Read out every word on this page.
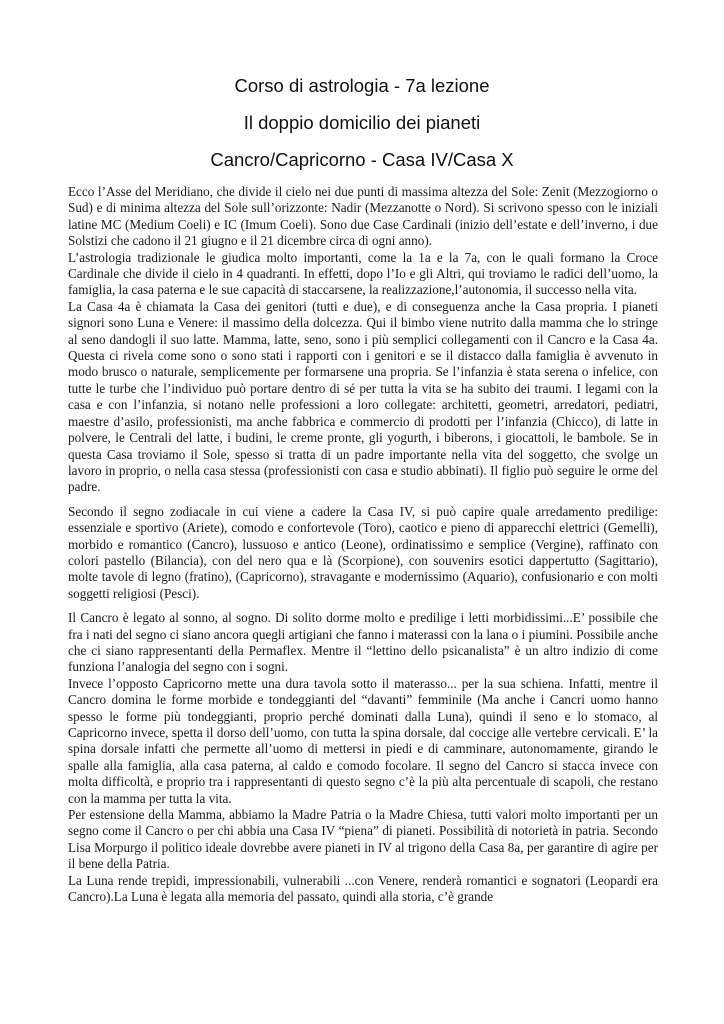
Corso di astrologia - 7a lezione
Il doppio domicilio dei pianeti
Cancro/Capricorno - Casa IV/Casa X

Ecco l’Asse del Meridiano, che divide il cielo nei due punti di massima altezza del Sole: Zenit (Mezzogiorno o Sud) e di minima altezza del Sole sull’orizzonte: Nadir (Mezzanotte o Nord). Si scrivono spesso con le iniziali latine MC (Medium Coeli) e IC (Imum Coeli). Sono due Case Cardinali (inizio dell’estate e dell’inverno, i due Solstizi che cadono il 21 giugno e il 21 dicembre circa di ogni anno).

L’astrologia tradizionale le giudica molto importanti, come la 1a e la 7a, con le quali formano la Croce Cardinale che divide il cielo in 4 quadranti. In effetti, dopo l’Io e gli Altri, qui troviamo le radici dell’uomo, la famiglia, la casa paterna e le sue capacità di staccarsene, la realizzazione,l’autonomia, il successo nella vita.

La Casa 4a è chiamata la Casa dei genitori (tutti e due), e di conseguenza anche la Casa propria. I pianeti signori sono Luna e Venere: il massimo della dolcezza. Qui il bimbo viene nutrito dalla mamma che lo stringe al seno dandogli il suo latte. Mamma, latte, seno, sono i più semplici collegamenti con il Cancro e la Casa 4a. Questa ci rivela come sono o sono stati i rapporti con i genitori e se il distacco dalla famiglia è avvenuto in modo brusco o naturale, semplicemente per formarsene una propria. Se l’infanzia è stata serena o infelice, con tutte le turbe che l’individuo può portare dentro di sé per tutta la vita se ha subito dei traumi. I legami con la casa e con l’infanzia, si notano nelle professioni a loro collegate: architetti, geometri, arredatori, pediatri, maestre d’asilo, professionisti, ma anche fabbrica e commercio di prodotti per l’infanzia (Chicco), di latte in polvere, le Centrali del latte, i budini, le creme pronte, gli yogurth, i biberons, i giocattoli, le bambole. Se in questa Casa troviamo il Sole, spesso si tratta di un padre importante nella vita del soggetto, che svolge un lavoro in proprio, o nella casa stessa (professionisti con casa e studio abbinati). Il figlio può seguire le orme del padre.

Secondo il segno zodiacale in cui viene a cadere la Casa IV, si può capire quale arredamento predilige: essenziale e sportivo (Ariete), comodo e confortevole (Toro), caotico e pieno di apparecchi elettrici (Gemelli), morbido e romantico (Cancro), lussuoso e antico (Leone), ordinatissimo e semplice (Vergine), raffinato con colori pastello (Bilancia), con del nero qua e là (Scorpione), con souvenirs esotici dappertutto (Sagittario), molte tavole di legno (fratino), (Capricorno), stravagante e modernissimo (Aquario), confusionario e con molti soggetti religiosi (Pesci).

Il Cancro è legato al sonno, al sogno. Di solito dorme molto e predilige i letti morbidissimi...E’ possibile che fra i nati del segno ci siano ancora quegli artigiani che fanno i materassi con la lana o i piumini. Possibile anche che ci siano rappresentanti della Permaflex. Mentre il “lettino dello psicanalista” è un altro indizio di come funziona l’analogia del segno con i sogni.

Invece l’opposto Capricorno mette una dura tavola sotto il materasso... per la sua schiena. Infatti, mentre il Cancro domina le forme morbide e tondeggianti del “davanti” femminile (Ma anche i Cancri uomo hanno spesso le forme più tondeggianti, proprio perché dominati dalla Luna), quindi il seno e lo stomaco, al Capricorno invece, spetta il dorso dell’uomo, con tutta la spina dorsale, dal coccige alle vertebre cervicali. E’ la spina dorsale infatti che permette all’uomo di mettersi in piedi e di camminare, autonomamente, girando le spalle alla famiglia, alla casa paterna, al caldo e comodo focolare. Il segno del Cancro si stacca invece con molta difficoltà, e proprio tra i rappresentanti di questo segno c’è la più alta percentuale di scapoli, che restano con la mamma per tutta la vita.

Per estensione della Mamma, abbiamo la Madre Patria o la Madre Chiesa, tutti valori molto importanti per un segno come il Cancro o per chi abbia una Casa IV “piena” di pianeti. Possibilità di notorietà in patria. Secondo Lisa Morpurgo il politico ideale dovrebbe avere pianeti in IV al trigono della Casa 8a, per garantire di agire per il bene della Patria.

La Luna rende trepidi, impressionabili, vulnerabili ...con Venere, renderà romantici e sognatori (Leopardi era Cancro).La Luna è legata alla memoria del passato, quindi alla storia, c’è grande
